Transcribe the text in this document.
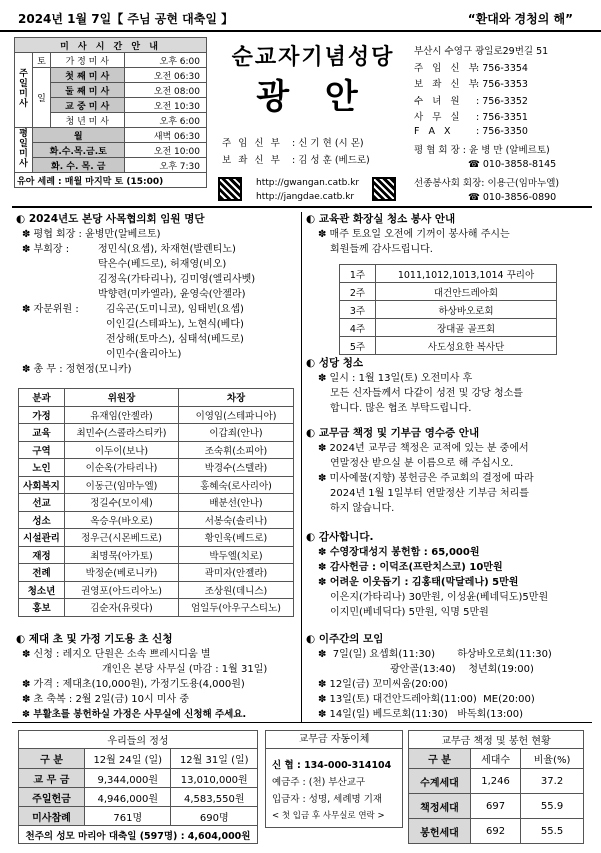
2024년 1월 7일【 주님 공현 대축일 】	“환대와 경청의 해”
미 사 시 간 안 내			
주일미사	토	가 정 미 사	오후 6:00
	일	첫 째 미 사	오전 06:30
		둘 째 미 사	오전 08:00
		교 중 미 사	오전 10:30
		청 년 미 사	오후 6:00
평일미사	월		새벽 06:30
	화.수.목.금.토		오전 10:00
	화. 수. 목. 금		오후 7:30
유아 세례 : 매월 마지막 토 (15:00)			
순교자기념성당
광 안
주 임 신 부 : 신 기 현 (시 몬)
보 좌 신 부 : 김 성 훈 (베드로)
http://gwangan.catb.kr
http://jangdae.catb.kr
부산시 수영구 광일로29번길 51
주 임 신 부: 756-3354
보 좌 신 부: 756-3353
수 녀 원 : 756-3352
사 무 실 : 756-3351
F A X : 756-3350
평 협 회 장 : 윤 병 만 (알베르토)
☎ 010-3858-8145
선종봉사회 회장: 이용근(임마누엘)
☎ 010-3856-0890
◐ 2024년도 본당 사목협의회 임원 명단
✽ 평협 회장 : 윤병만(알베르토)
✽ 부회장 :	정민식(요셉), 차재현(발렌티노)
탁은수(베드로), 허재영(비오)
김정옥(가타리나), 김미영(엘리사벳)
박향련(미카엘라), 윤영숙(안젤라)
✽ 자문위원 :	김옥곤(도미니코), 임태빈(요셉)
이인길(스테파노), 노현식(베다)
전상해(토마스), 심태석(베드로)
이민수(율리아노)
✽ 총 무 : 정현정(모니카)
분과	위원장	차장
가정	유재임(안젤라)	이영임(스테파니아)
교육	최민수(스콜라스티카)	이갑죄(안나)
구역	이두이(보나)	조숙휘(소피아)
노인	이순옥(가타리나)	박경수(스텔라)
사회복지	이동근(임마누엘)	홍혜숙(로사리아)
선교	정길수(모이세)	배분선(안나)
성소	옥승우(바오로)	서봉숙(솔리나)
시설관리	정우근(시몬베드로)	황인욱(베드로)
재정	최명묵(아가토)	박두엘(치로)
전례	박정순(베로니카)	곽미자(안젤라)
청소년	권영포(아드리아노)	조상원(데니스)
홍보	김순자(유릿다)	엄일두(아우구스티노)
◐ 제대 초 및 가정 기도용 초 신청
✽ 신청 : 레지오 단원은 소속 쁘레시디움 별
개인은 본당 사무실 (마감 : 1월 31일)
✽ 가격 : 제대초(10,000원), 가정기도용(4,000원)
✽ 초 축복 : 2월 2일(금) 10시 미사 중
✽ 부활초를 봉헌하실 가정은 사무실에 신청해 주세요.
◐ 교육관 화장실 청소 봉사 안내
✽ 매주 토요일 오전에 기꺼이 봉사해 주시는
회원들께 감사드립니다.
1주	1011,1012,1013,1014 꾸리아
2주	대건안드레아회
3주	하상바오로회
4주	장대골 골프회
5주	사도성요한 복사단
◐ 성당 청소
✽ 일시 : 1월 13일(토) 오전미사 후
모든 신자들께서 다같이 성전 및 강당 청소를
합니다. 많은 협조 부탁드립니다.
◐ 교무금 책정 및 기부금 영수증 안내
✽ 2024년 교무금 책정은 교적에 있는 분 중에서
연말정산 받으실 분 이름으로 해 주십시오.
✽ 미사예물(지향) 봉헌금은 주교회의 결정에 따라
2024년 1월 1일부터 연말정산 기부금 처리를
하지 않습니다.
◐ 감사합니다.
✽ 수영장대성지 봉헌함 : 65,000원
✽ 감사헌금 : 이덕조(프란치스코) 10만원
✽ 어려운 이웃돕기 : 김홍태(막달레나) 5만원
이은지(가타리나) 30만원, 이성윤(베네딕도)5만원
이지민(베네딕다) 5만원, 익명 5만원
◐ 이주간의 모임
✽  7일(일) 요셉회(11:30)       하상바오로회(11:30)
광안골(13:40)    청년회(19:00)
✽ 12일(금) 꼬미씨움(20:00)
✽ 13일(토) 대건안드레아회(11:00)  ME(20:00)
✽ 14일(일) 베드로회(11:30)   바독회(13:00)
우리들의 정성		
구 분	12월 24일 (일)	12월 31일 (일)
교 무 금	9,344,000원	13,010,000원
주일헌금	4,946,000원	4,583,550원
미사참례	761명	690명
천주의 성모 마리아 대축일 (597명) : 4,604,000원		
교무금 자동이체
신 협 : 134-000-314104
예금주 : (천) 부산교구
입금자 : 성명, 세례명 기재
< 첫 입금 후 사무실로 연락 >
교무금 책정 및 봉헌 현황		
구 분	세대수	비율(%)
수계세대	1,246	37.2
책정세대	697	55.9
봉헌세대	692	55.5
